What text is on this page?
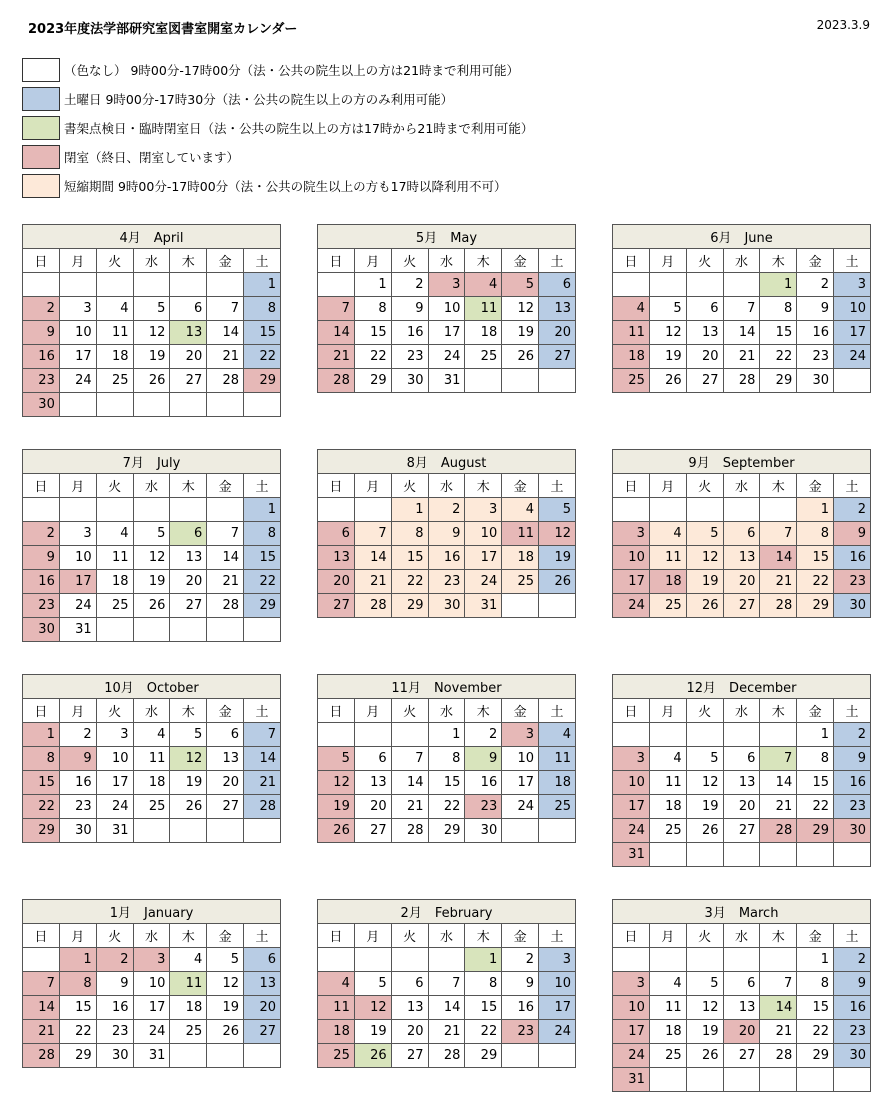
2023年度法学部研究室図書室開室カレンダー	2023.3.9
（色なし） 9時00分-17時00分（法・公共の院生以上の方は21時まで利用可能）
土曜日 9時00分-17時30分（法・公共の院生以上の方のみ利用可能）
書架点検日・臨時閉室日（法・公共の院生以上の方は17時から21時まで利用可能）
閉室（終日、閉室しています）
短縮期間 9時00分-17時00分（法・公共の院生以上の方も17時以降利用不可）
4月　April						
日	月	火	水	木	金	土
						1
2	3	4	5	6	7	8
9	10	11	12	13	14	15
16	17	18	19	20	21	22
23	24	25	26	27	28	29
30						
5月　May						
日	月	火	水	木	金	土
	1	2	3	4	5	6
7	8	9	10	11	12	13
14	15	16	17	18	19	20
21	22	23	24	25	26	27
28	29	30	31			
6月　June						
日	月	火	水	木	金	土
				1	2	3
4	5	6	7	8	9	10
11	12	13	14	15	16	17
18	19	20	21	22	23	24
25	26	27	28	29	30	
7月　July						
日	月	火	水	木	金	土
						1
2	3	4	5	6	7	8
9	10	11	12	13	14	15
16	17	18	19	20	21	22
23	24	25	26	27	28	29
30	31					
8月　August						
日	月	火	水	木	金	土
		1	2	3	4	5
6	7	8	9	10	11	12
13	14	15	16	17	18	19
20	21	22	23	24	25	26
27	28	29	30	31		
9月　September						
日	月	火	水	木	金	土
					1	2
3	4	5	6	7	8	9
10	11	12	13	14	15	16
17	18	19	20	21	22	23
24	25	26	27	28	29	30
10月　October						
日	月	火	水	木	金	土
1	2	3	4	5	6	7
8	9	10	11	12	13	14
15	16	17	18	19	20	21
22	23	24	25	26	27	28
29	30	31				
11月　November						
日	月	火	水	木	金	土
			1	2	3	4
5	6	7	8	9	10	11
12	13	14	15	16	17	18
19	20	21	22	23	24	25
26	27	28	29	30		
12月　December						
日	月	火	水	木	金	土
					1	2
3	4	5	6	7	8	9
10	11	12	13	14	15	16
17	18	19	20	21	22	23
24	25	26	27	28	29	30
31						
1月　January						
日	月	火	水	木	金	土
	1	2	3	4	5	6
7	8	9	10	11	12	13
14	15	16	17	18	19	20
21	22	23	24	25	26	27
28	29	30	31			
2月　February						
日	月	火	水	木	金	土
				1	2	3
4	5	6	7	8	9	10
11	12	13	14	15	16	17
18	19	20	21	22	23	24
25	26	27	28	29		
3月　March						
日	月	火	水	木	金	土
					1	2
3	4	5	6	7	8	9
10	11	12	13	14	15	16
17	18	19	20	21	22	23
24	25	26	27	28	29	30
31						
